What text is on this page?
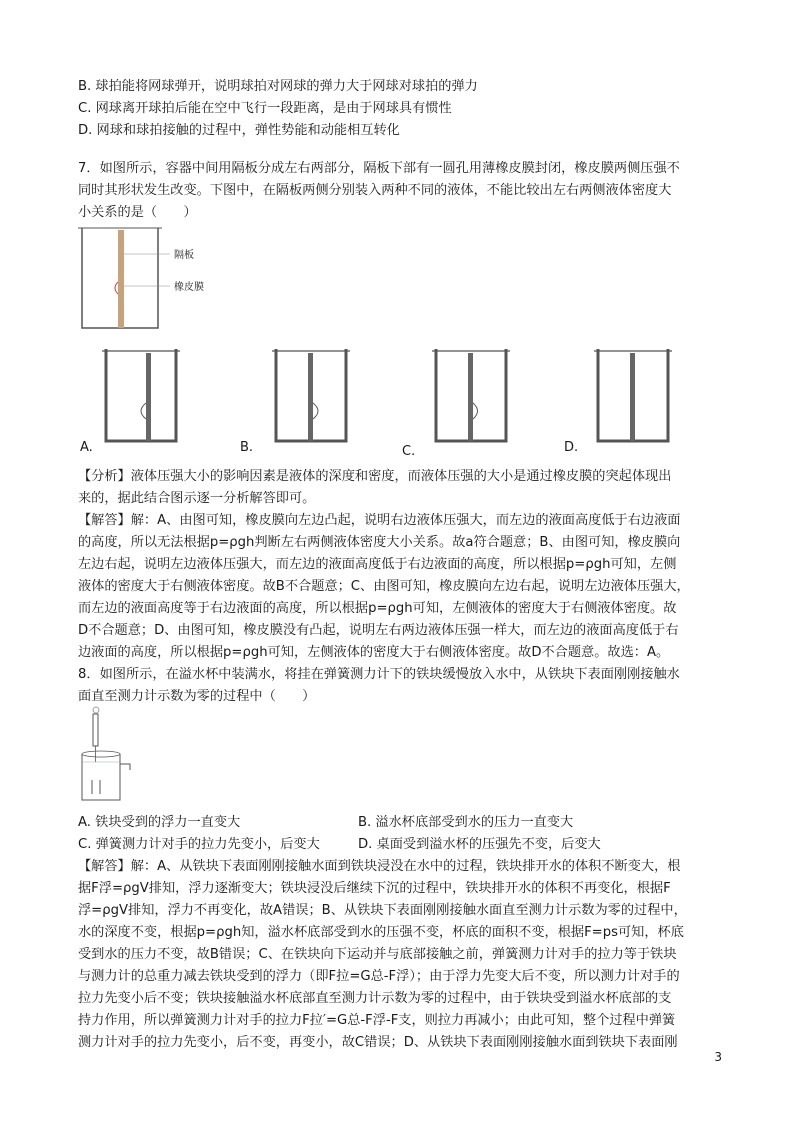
B. 球拍能将网球弹开，说明球拍对网球的弹力大于网球对球拍的弹力
C. 网球离开球拍后能在空中飞行一段距离，是由于网球具有惯性
D. 网球和球拍接触的过程中，弹性势能和动能相互转化
7．如图所示，容器中间用隔板分成左右两部分，隔板下部有一圆孔用薄橡皮膜封闭，橡皮膜两侧压强不
同时其形状发生改变。下图中，在隔板两侧分别装入两种不同的液体，不能比较出左右两侧液体密度大
小关系的是（　　）
隔板
橡皮膜
A.	B.	C.	D.
【分析】液体压强大小的影响因素是液体的深度和密度，而液体压强的大小是通过橡皮膜的突起体现出
来的，据此结合图示逐一分析解答即可。
【解答】解：A、由图可知，橡皮膜向左边凸起，说明右边液体压强大，而左边的液面高度低于右边液面
的高度，所以无法根据p=ρgh判断左右两侧液体密度大小关系。故a符合题意；B、由图可知，橡皮膜向
左边右起，说明左边液体压强大，而左边的液面高度低于右边液面的高度，所以根据p=ρgh可知，左侧
液体的密度大于右侧液体密度。故B不合题意；C、由图可知，橡皮膜向左边右起，说明左边液体压强大，
而左边的液面高度等于右边液面的高度，所以根据p=ρgh可知，左侧液体的密度大于右侧液体密度。故
D不合题意；D、由图可知，橡皮膜没有凸起，说明左右两边液体压强一样大，而左边的液面高度低于右
边液面的高度，所以根据p=ρgh可知，左侧液体的密度大于右侧液体密度。故D不合题意。故选：A。
8．如图所示，在溢水杯中装满水，将挂在弹簧测力计下的铁块缓慢放入水中，从铁块下表面刚刚接触水
面直至测力计示数为零的过程中（　　）
A. 铁块受到的浮力一直变大	B. 溢水杯底部受到水的压力一直变大
C. 弹簧测力计对手的拉力先变小，后变大	D. 桌面受到溢水杯的压强先不变，后变大
【解答】解：A、从铁块下表面刚刚接触水面到铁块浸没在水中的过程，铁块排开水的体积不断变大，根
据F浮=ρgV排知，浮力逐渐变大；铁块浸没后继续下沉的过程中，铁块排开水的体积不再变化，根据F
浮=ρgV排知，浮力不再变化，故A错误；B、从铁块下表面刚刚接触水面直至测力计示数为零的过程中，
水的深度不变，根据p=ρgh知，溢水杯底部受到水的压强不变，杯底的面积不变，根据F=ps可知，杯底
受到水的压力不变，故B错误；C、在铁块向下运动并与底部接触之前，弹簧测力计对手的拉力等于铁块
与测力计的总重力减去铁块受到的浮力（即F拉=G总-F浮）；由于浮力先变大后不变，所以测力计对手的
拉力先变小后不变；铁块接触溢水杯底部直至测力计示数为零的过程中，由于铁块受到溢水杯底部的支
持力作用，所以弹簧测力计对手的拉力F拉′=G总-F浮-F支，则拉力再减小；由此可知，整个过程中弹簧
测力计对手的拉力先变小，后不变，再变小，故C错误；D、从铁块下表面刚刚接触水面到铁块下表面刚
3
